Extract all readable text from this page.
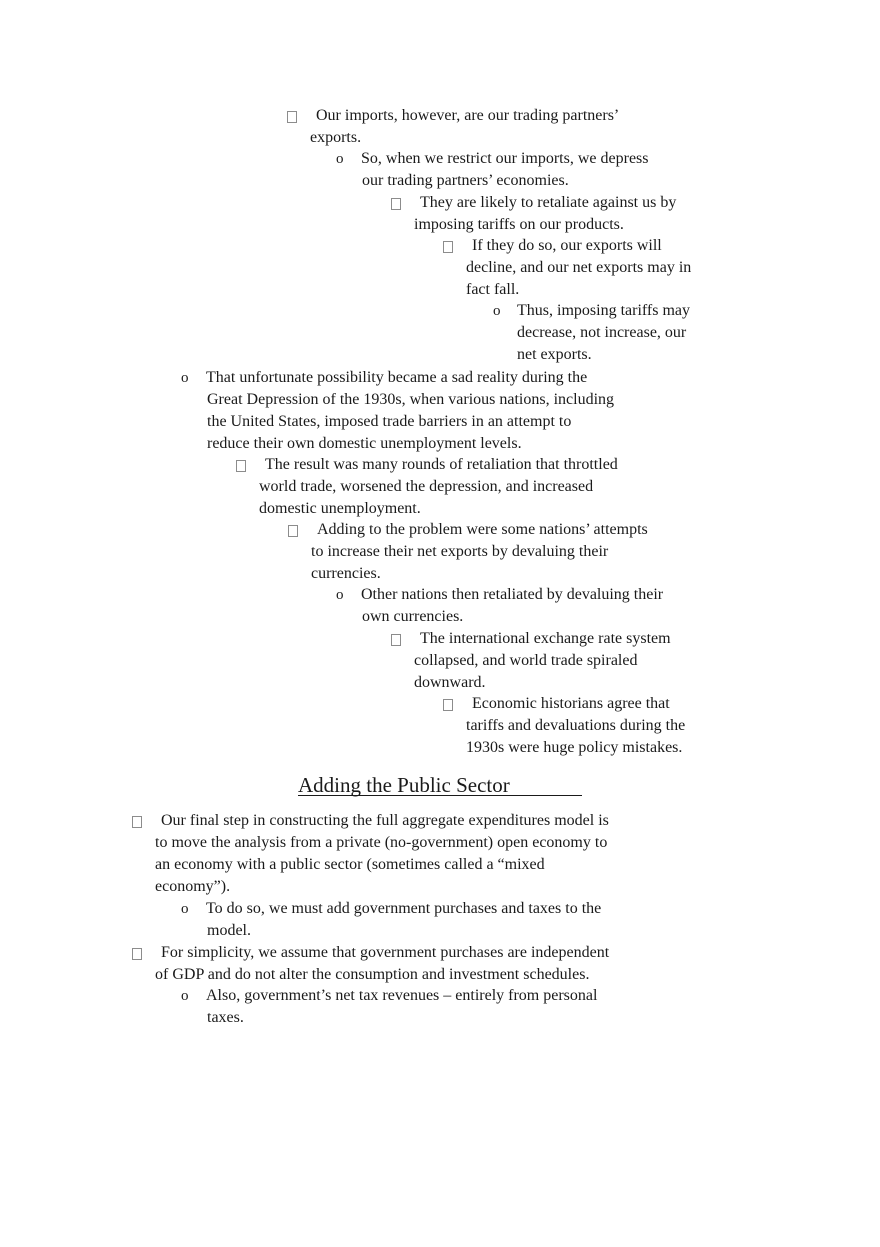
Our imports, however, are our trading partners’
exports.
o So, when we restrict our imports, we depress
our trading partners’ economies.
They are likely to retaliate against us by
imposing tariffs on our products.
If they do so, our exports will
decline, and our net exports may in
fact fall.
o Thus, imposing tariffs may
decrease, not increase, our
net exports.
o That unfortunate possibility became a sad reality during the
Great Depression of the 1930s, when various nations, including
the United States, imposed trade barriers in an attempt to
reduce their own domestic unemployment levels.
The result was many rounds of retaliation that throttled
world trade, worsened the depression, and increased
domestic unemployment.
Adding to the problem were some nations’ attempts
to increase their net exports by devaluing their
currencies.
o Other nations then retaliated by devaluing their
own currencies.
The international exchange rate system
collapsed, and world trade spiraled
downward.
Economic historians agree that
tariffs and devaluations during the
1930s were huge policy mistakes.
Adding the Public Sector
Our final step in constructing the full aggregate expenditures model is
to move the analysis from a private (no-government) open economy to
an economy with a public sector (sometimes called a “mixed
economy”).
o To do so, we must add government purchases and taxes to the
model.
For simplicity, we assume that government purchases are independent
of GDP and do not alter the consumption and investment schedules.
o Also, government’s net tax revenues – entirely from personal
taxes.
